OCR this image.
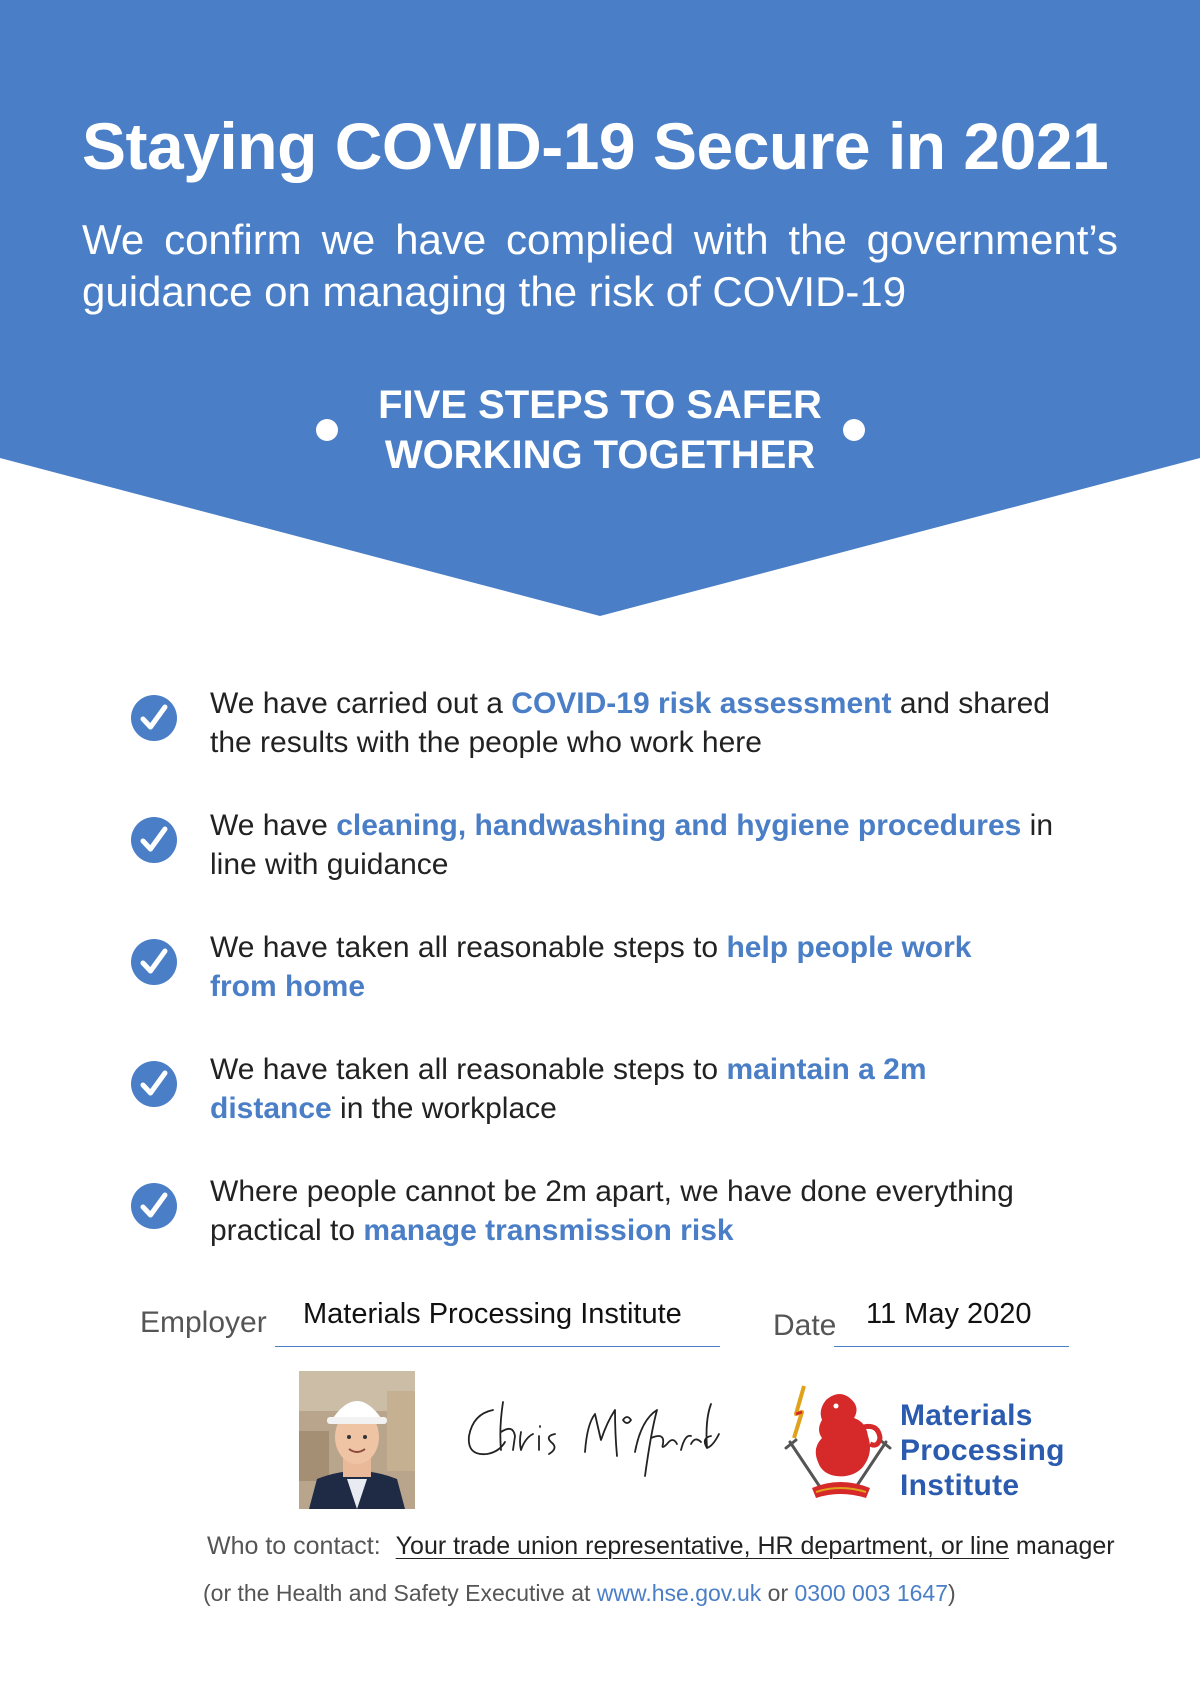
Staying COVID-19 Secure in 2021

We confirm we have complied with the government’s guidance on managing the risk of COVID-19

FIVE STEPS TO SAFER
WORKING TOGETHER
We have carried out a COVID-19 risk assessment and shared the results with the people who work here
We have cleaning, handwashing and hygiene procedures in line with guidance
We have taken all reasonable steps to help people work from home
We have taken all reasonable steps to maintain a 2m distance in the workplace
Where people cannot be 2m apart, we have done everything practical to manage transmission risk
Employer Materials Processing Institute	Date 11 May 2020
Materials
Processing
Institute
Who to contact: Your trade union representative, HR department, or line manager
(or the Health and Safety Executive at www.hse.gov.uk or 0300 003 1647)
